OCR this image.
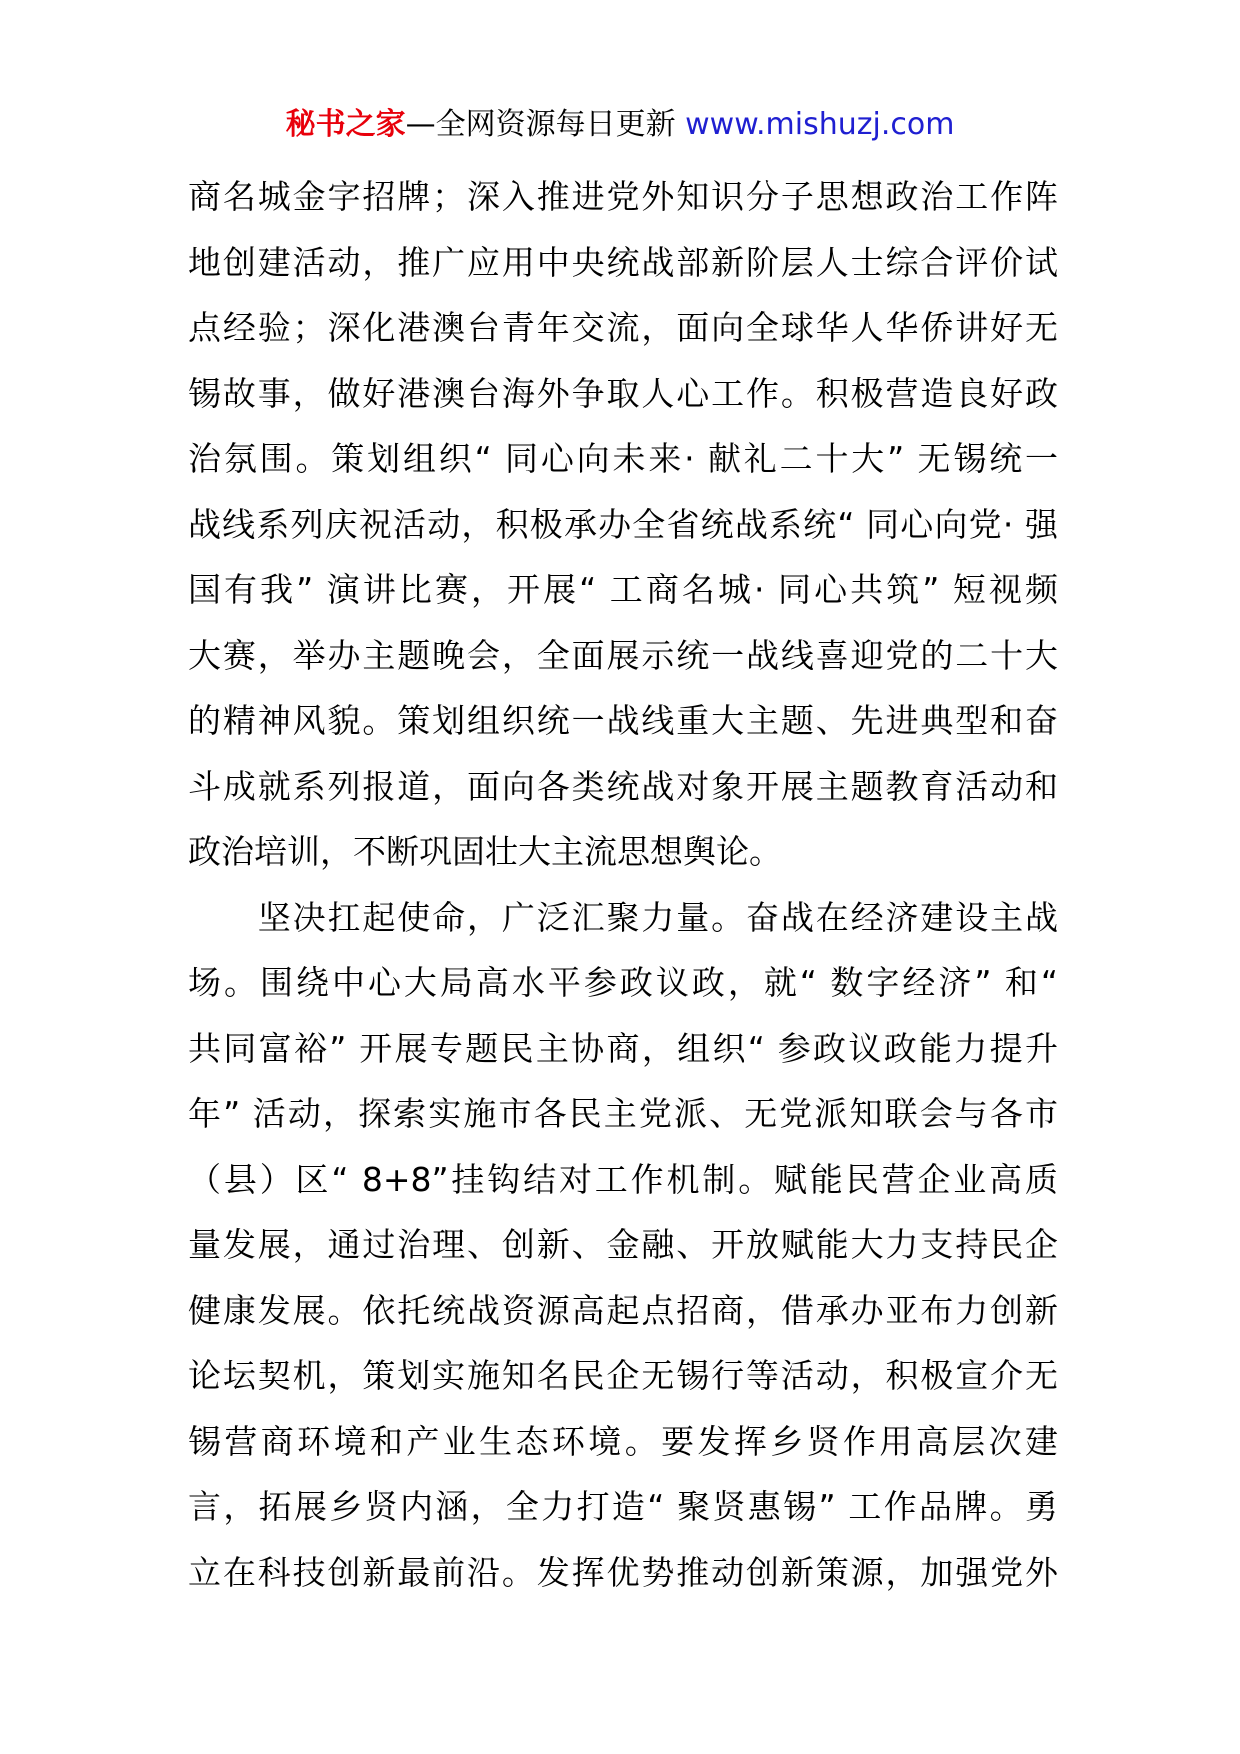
秘书之家—全网资源每日更新 www.mishuzj.com
商名城金字招牌；深入推进党外知识分子思想政治工作阵
地创建活动，推广应用中央统战部新阶层人士综合评价试
点经验；深化港澳台青年交流，面向全球华人华侨讲好无
锡故事，做好港澳台海外争取人心工作。积极营造良好政
治氛围。策划组织“ 同心向未来· 献礼二十大” 无锡统一
战线系列庆祝活动，积极承办全省统战系统“ 同心向党· 强
国有我” 演讲比赛，开展“ 工商名城· 同心共筑” 短视频
大赛，举办主题晚会，全面展示统一战线喜迎党的二十大
的精神风貌。策划组织统一战线重大主题、先进典型和奋
斗成就系列报道，面向各类统战对象开展主题教育活动和
政治培训，不断巩固壮大主流思想舆论。
　　坚决扛起使命，广泛汇聚力量。奋战在经济建设主战
场。围绕中心大局高水平参政议政，就“ 数字经济” 和“
共同富裕” 开展专题民主协商，组织“ 参政议政能力提升
年” 活动，探索实施市各民主党派、无党派知联会与各市
（县）区“ 8+8”挂钩结对工作机制。赋能民营企业高质
量发展，通过治理、创新、金融、开放赋能大力支持民企
健康发展。依托统战资源高起点招商，借承办亚布力创新
论坛契机，策划实施知名民企无锡行等活动，积极宣介无
锡营商环境和产业生态环境。要发挥乡贤作用高层次建
言，拓展乡贤内涵，全力打造“ 聚贤惠锡” 工作品牌。勇
立在科技创新最前沿。发挥优势推动创新策源，加强党外
